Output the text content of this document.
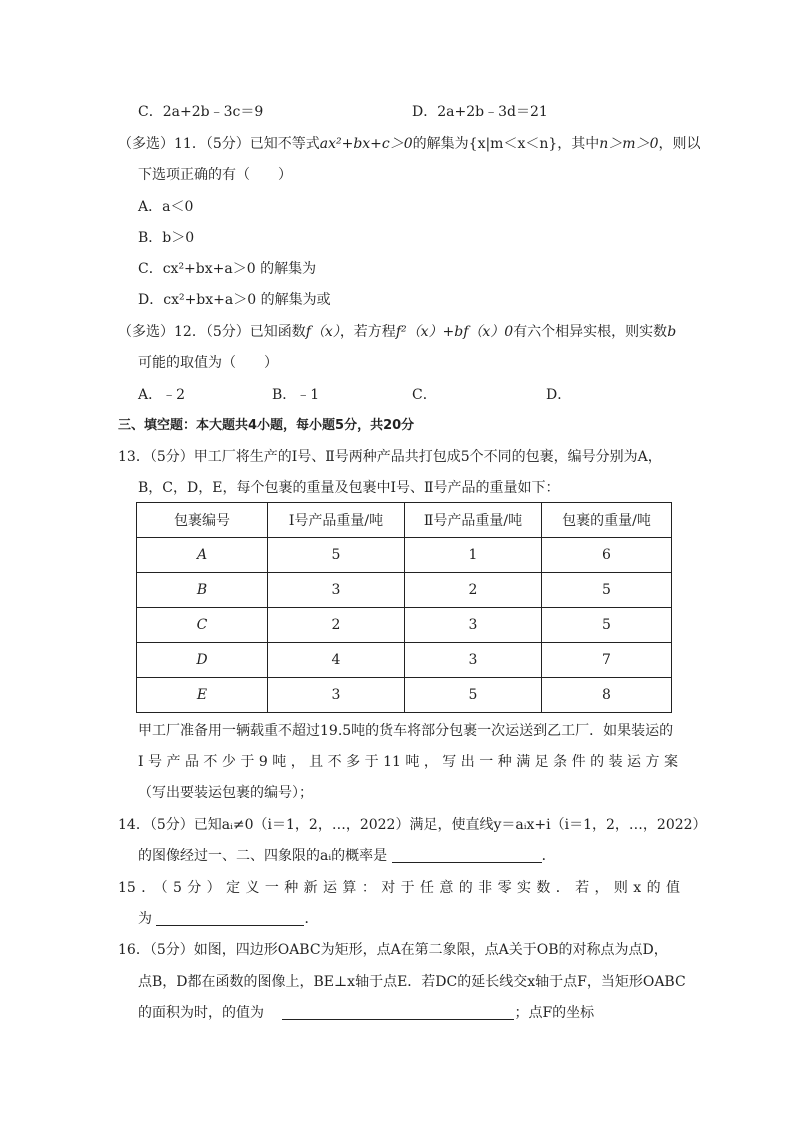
C．2a+2b﹣3c＝9	D．2a+2b﹣3d＝21
（多选）11．（5分）已知不等式ax²+bx+c＞0的解集为{x|m＜x＜n}，其中n＞m＞0，则以
下选项正确的有（　　）
A．a＜0
B．b＞0
C．cx²+bx+a＞0 的解集为
D．cx²+bx+a＞0 的解集为或
（多选）12．（5分）已知函数f（x），若方程f²（x）+bf（x）0有六个相异实根，则实数b
可能的取值为（　　）
A．﹣2	B．﹣1	C．	D．
三、填空题：本大题共4小题，每小题5分，共20分
13．（5分）甲工厂将生产的Ⅰ号、Ⅱ号两种产品共打包成5个不同的包裹，编号分别为A，
B，C，D，E，每个包裹的重量及包裹中Ⅰ号、Ⅱ号产品的重量如下：
包裹编号	Ⅰ号产品重量/吨	Ⅱ号产品重量/吨	包裹的重量/吨
A	5	1	6
B	3	2	5
C	2	3	5
D	4	3	7
E	3	5	8
甲工厂准备用一辆载重不超过19.5吨的货车将部分包裹一次运送到乙工厂．如果装运的
Ⅰ号产品不少于9吨，且不多于11吨，写出一种满足条件的装运方案
（写出要装运包裹的编号）；
14．（5分）已知aᵢ≠0（i＝1，2，…，2022）满足，使直线y＝aᵢx+i（i＝1，2，…，2022）
的图像经过一、二、四象限的aᵢ的概率是	．
15．（5分）定义一种新运算：对于任意的非零实数．若，则x的值
为	．
16．（5分）如图，四边形OABC为矩形，点A在第二象限，点A关于OB的对称点为点D，
点B，D都在函数的图像上，BE⊥x轴于点E．若DC的延长线交x轴于点F，当矩形OABC
的面积为时，的值为	；点F的坐标
